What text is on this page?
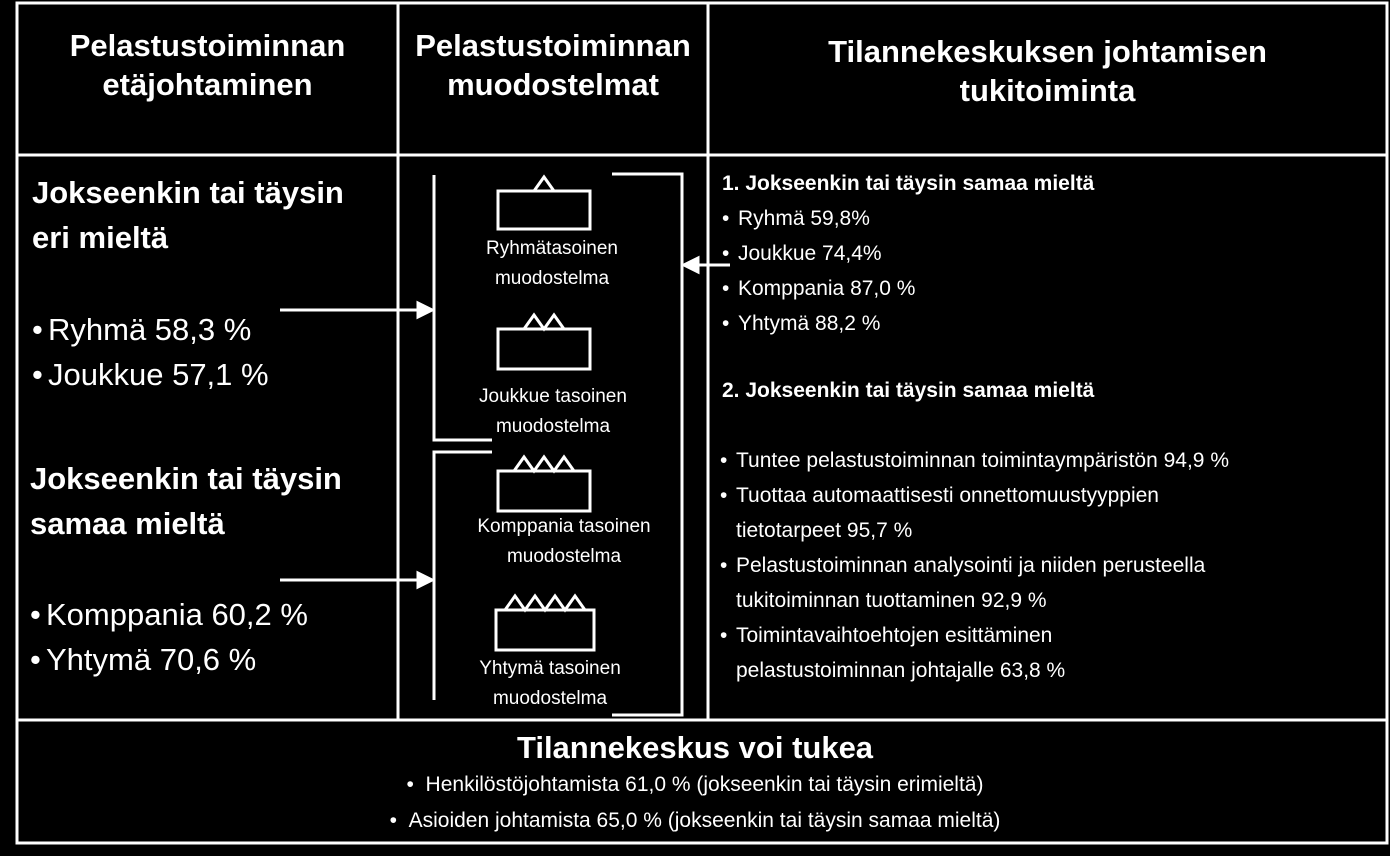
Pelastustoiminnan
etäjohtaminen
Pelastustoiminnan
muodostelmat
Tilannekeskuksen johtamisen
tukitoiminta
Jokseenkin tai täysin
eri mieltä
• Ryhmä 58,3 %
• Joukkue 57,1 %
Jokseenkin tai täysin
samaa mieltä
• Komppania 60,2 %
• Yhtymä 70,6 %
Ryhmätasoinen
muodostelma
Joukkue tasoinen
muodostelma
Komppania tasoinen
muodostelma
Yhtymä tasoinen
muodostelma
1. Jokseenkin tai täysin samaa mieltä
• Ryhmä 59,8%
• Joukkue 74,4%
• Komppania 87,0 %
• Yhtymä 88,2 %
2. Jokseenkin tai täysin samaa mieltä
• Tuntee pelastustoiminnan toimintaympäristön 94,9 %
• Tuottaa automaattisesti onnettomuustyyppien
tietotarpeet 95,7 %
• Pelastustoiminnan analysointi ja niiden perusteella
tukitoiminnan tuottaminen 92,9 %
• Toimintavaihtoehtojen esittäminen
pelastustoiminnan johtajalle 63,8 %
Tilannekeskus voi tukea
•  Henkilöstöjohtamista 61,0 % (jokseenkin tai täysin erimieltä)
•  Asioiden johtamista 65,0 % (jokseenkin tai täysin samaa mieltä)
